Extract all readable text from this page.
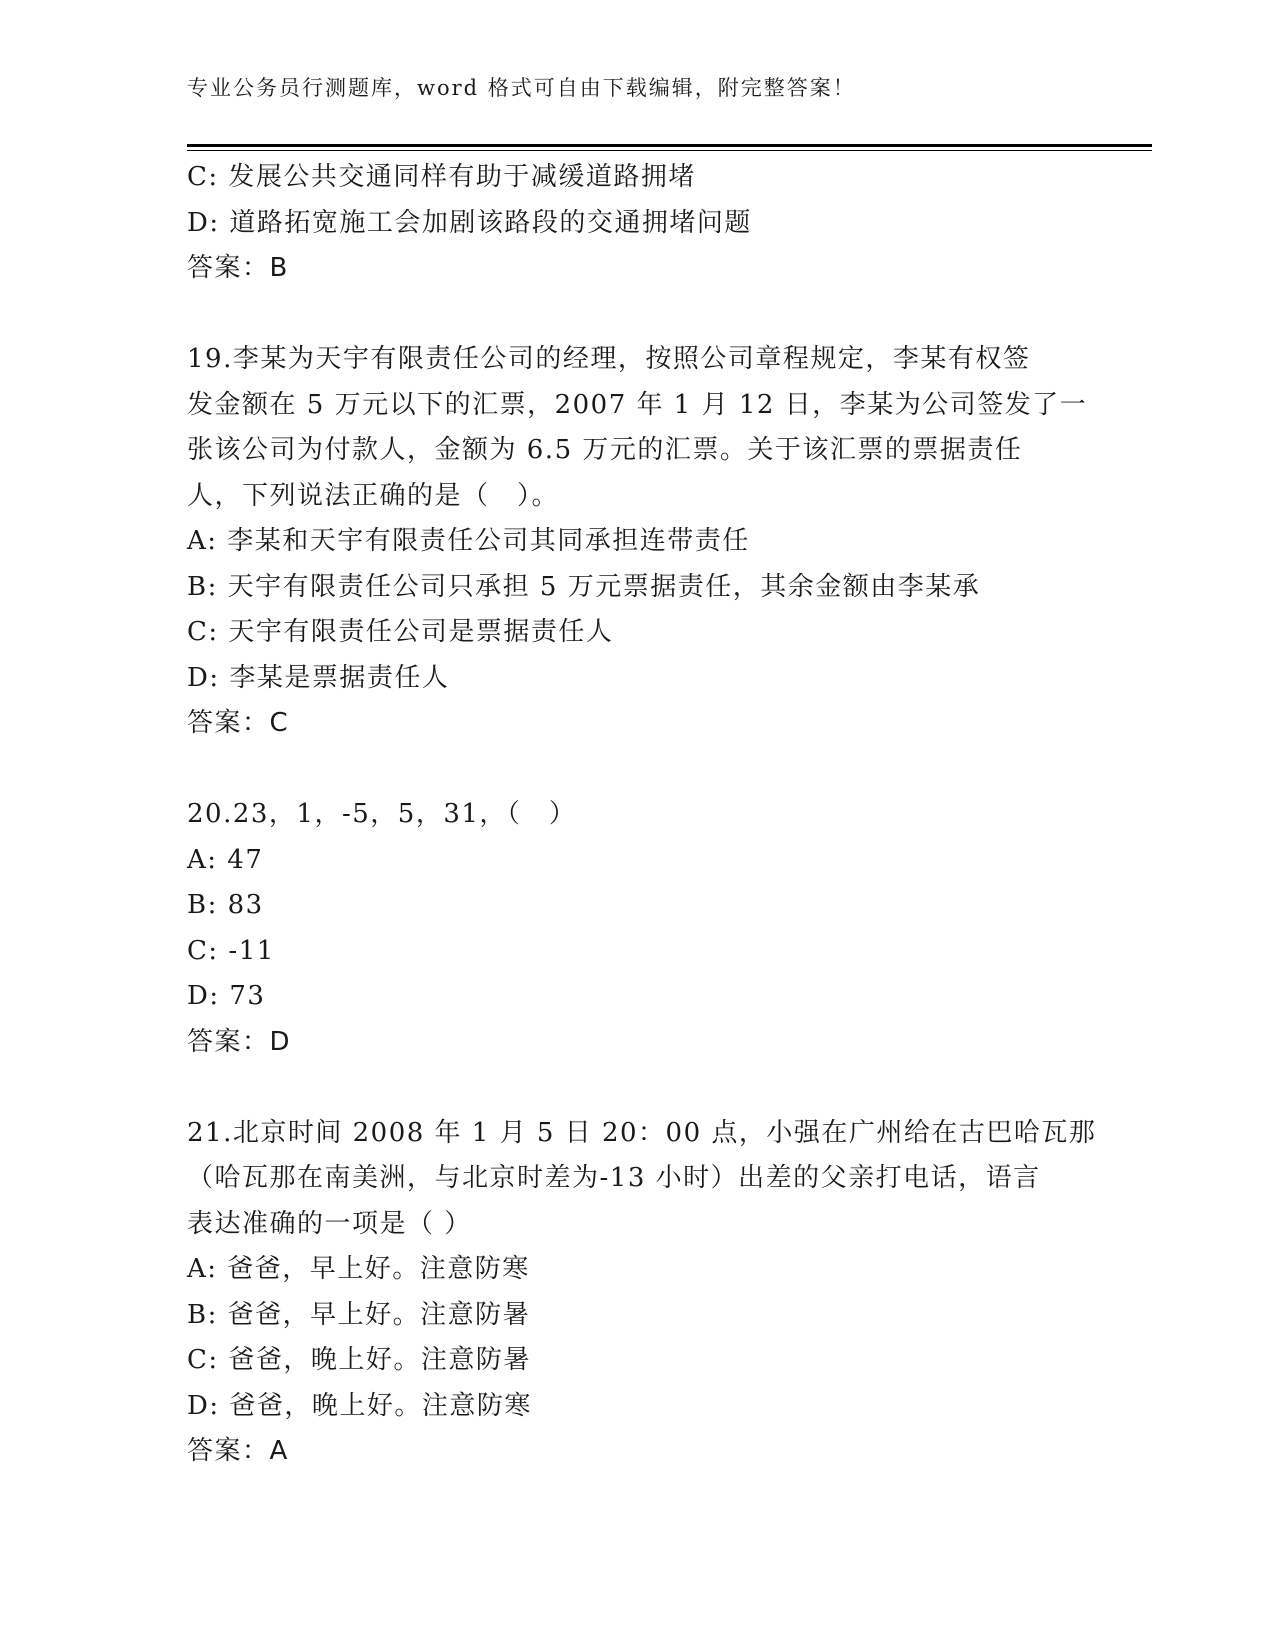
专业公务员行测题库，word 格式可自由下载编辑，附完整答案！

C: 发展公共交通同样有助于减缓道路拥堵

D: 道路拓宽施工会加剧该路段的交通拥堵问题

答案：B

19.李某为天宇有限责任公司的经理，按照公司章程规定，李某有权签

发金额在 5 万元以下的汇票，2007 年 1 月 12 日，李某为公司签发了一

张该公司为付款人，金额为 6.5 万元的汇票。关于该汇票的票据责任

人，下列说法正确的是（　）。

A: 李某和天宇有限责任公司其同承担连带责任

B: 天宇有限责任公司只承担 5 万元票据责任，其余金额由李某承

C: 天宇有限责任公司是票据责任人

D: 李某是票据责任人

答案：C

20.23，1，-5，5，31，（　）

A: 47

B: 83

C: -11

D: 73

答案：D

21.北京时间 2008 年 1 月 5 日 20：00 点，小强在广州给在古巴哈瓦那

（哈瓦那在南美洲，与北京时差为-13 小时）出差的父亲打电话，语言

表达准确的一项是（ ）

A: 爸爸，早上好。注意防寒

B: 爸爸，早上好。注意防暑

C: 爸爸，晚上好。注意防暑

D: 爸爸，晚上好。注意防寒

答案：A
